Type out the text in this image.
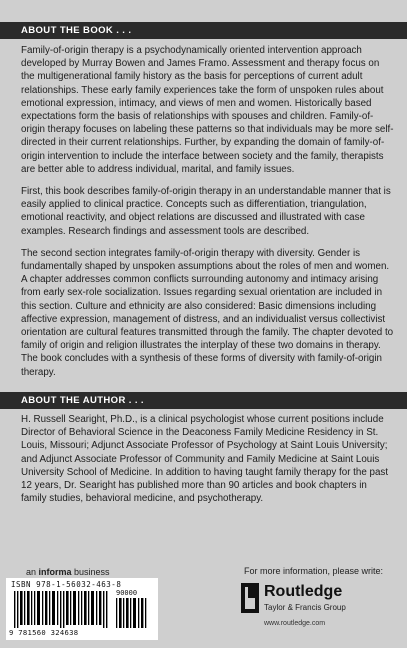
ABOUT THE BOOK . . .

Family-of-origin therapy is a psychodynamically oriented intervention approach developed by Murray Bowen and James Framo. Assessment and therapy focus on the multigenerational family history as the basis for perceptions of current adult relationships. These early family experiences take the form of unspoken rules about emotional expression, intimacy, and views of men and women. Historically based expectations form the basis of relationships with spouses and children. Family-of-origin therapy focuses on labeling these patterns so that individuals may be more self-directed in their current relationships. Further, by expanding the domain of family-of-origin intervention to include the interface between society and the family, therapists are better able to address individual, marital, and family issues.

First, this book describes family-of-origin therapy in an understandable manner that is easily applied to clinical practice. Concepts such as differentiation, triangulation, emotional reactivity, and object relations are discussed and illustrated with case examples. Research findings and assessment tools are described.

The second section integrates family-of-origin therapy with diversity. Gender is fundamentally shaped by unspoken assumptions about the roles of men and women. A chapter addresses common conflicts surrounding autonomy and intimacy arising from early sex-role socialization. Issues regarding sexual orientation are included in this section. Culture and ethnicity are also considered: Basic dimensions including affective expression, management of distress, and an individualist versus collectivist orientation are cultural features transmitted through the family. The chapter devoted to family of origin and religion illustrates the interplay of these two domains in therapy. The book concludes with a synthesis of these forms of diversity with family-of-origin therapy.

ABOUT THE AUTHOR . . .

H. Russell Searight, Ph.D., is a clinical psychologist whose current positions include Director of Behavioral Science in the Deaconess Family Medicine Residency in St. Louis, Missouri; Adjunct Associate Professor of Psychology at Saint Louis University; and Adjunct Associate Professor of Community and Family Medicine at Saint Louis University School of Medicine. In addition to having taught family therapy for the past 12 years, Dr. Searight has published more than 90 articles and book chapters in family studies, behavioral medicine, and psychotherapy.

an informa business
ISBN 978-1-56032-463-8
90000
9 781560 324638
For more information, please write:
Routledge
Taylor & Francis Group
www.routledge.com
